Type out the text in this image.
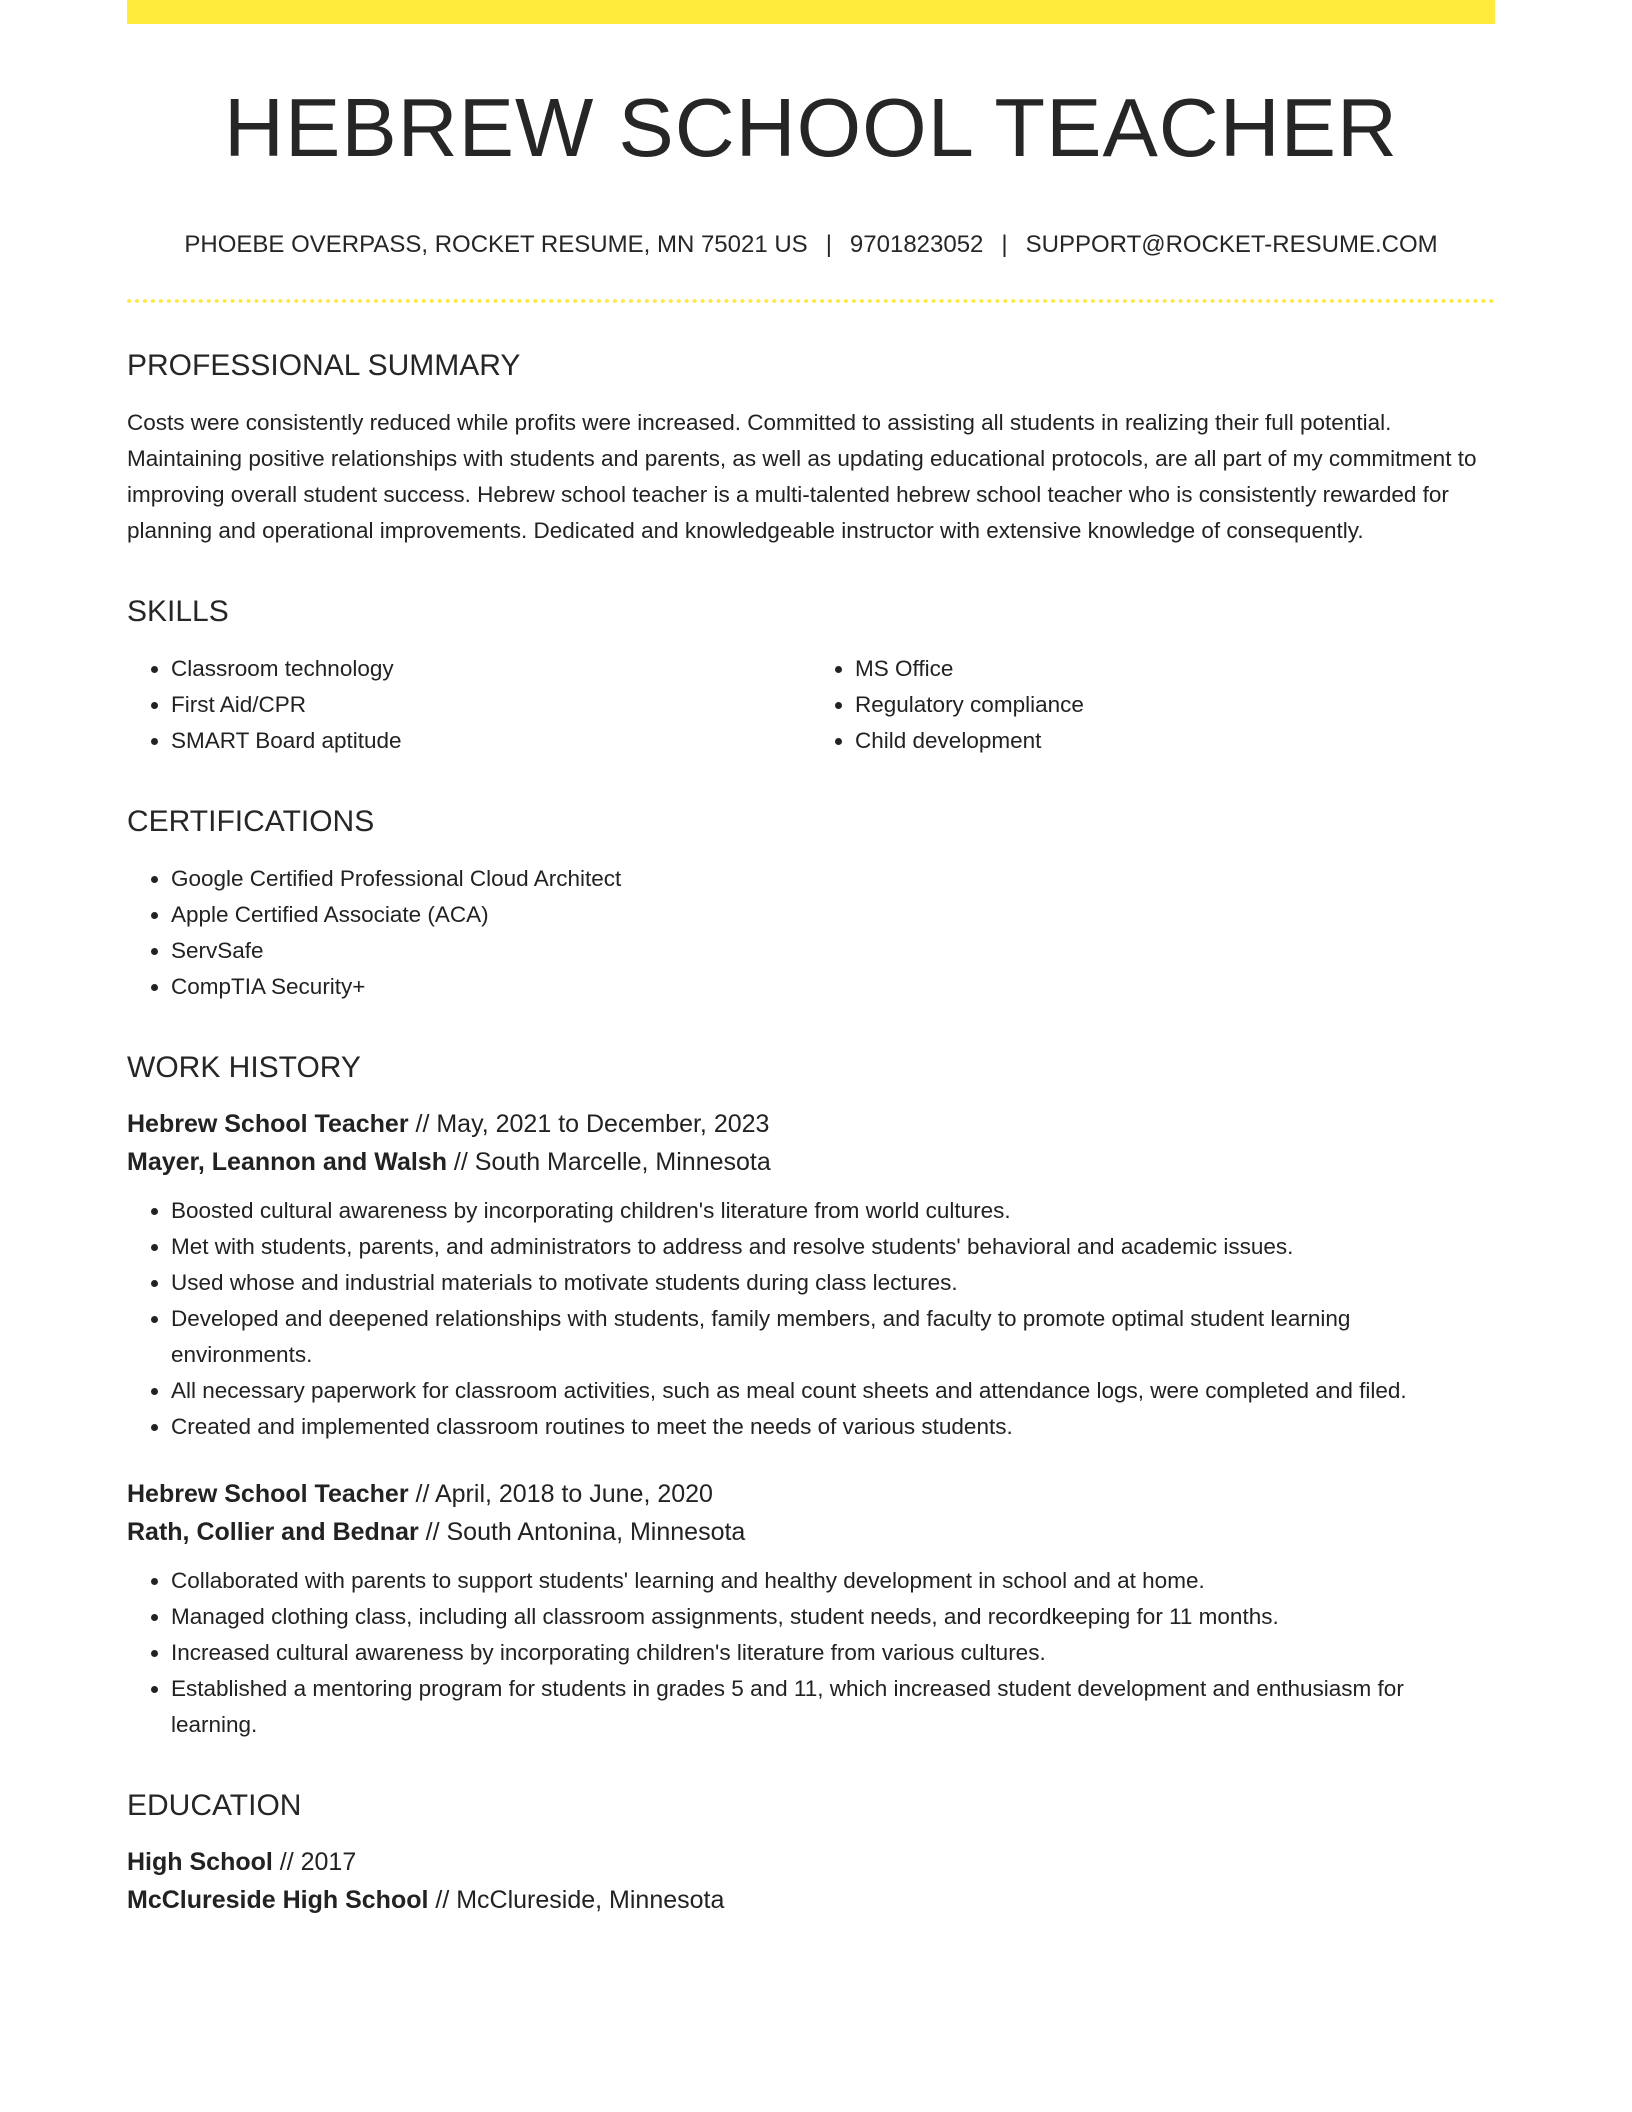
HEBREW SCHOOL TEACHER
PHOEBE OVERPASS, ROCKET RESUME, MN 75021 US | 9701823052 | SUPPORT@ROCKET-RESUME.COM
PROFESSIONAL SUMMARY
Costs were consistently reduced while profits were increased. Committed to assisting all students in realizing their full potential. Maintaining positive relationships with students and parents, as well as updating educational protocols, are all part of my commitment to improving overall student success. Hebrew school teacher is a multi-talented hebrew school teacher who is consistently rewarded for planning and operational improvements. Dedicated and knowledgeable instructor with extensive knowledge of consequently.
SKILLS
• Classroom technology
• First Aid/CPR
• SMART Board aptitude
• MS Office
• Regulatory compliance
• Child development
CERTIFICATIONS
• Google Certified Professional Cloud Architect
• Apple Certified Associate (ACA)
• ServSafe
• CompTIA Security+
WORK HISTORY
Hebrew School Teacher // May, 2021 to December, 2023
Mayer, Leannon and Walsh // South Marcelle, Minnesota
• Boosted cultural awareness by incorporating children's literature from world cultures.
• Met with students, parents, and administrators to address and resolve students' behavioral and academic issues.
• Used whose and industrial materials to motivate students during class lectures.
• Developed and deepened relationships with students, family members, and faculty to promote optimal student learning environments.
• All necessary paperwork for classroom activities, such as meal count sheets and attendance logs, were completed and filed.
• Created and implemented classroom routines to meet the needs of various students.
Hebrew School Teacher // April, 2018 to June, 2020
Rath, Collier and Bednar // South Antonina, Minnesota
• Collaborated with parents to support students' learning and healthy development in school and at home.
• Managed clothing class, including all classroom assignments, student needs, and recordkeeping for 11 months.
• Increased cultural awareness by incorporating children's literature from various cultures.
• Established a mentoring program for students in grades 5 and 11, which increased student development and enthusiasm for learning.
EDUCATION
High School // 2017
McClureside High School // McClureside, Minnesota
